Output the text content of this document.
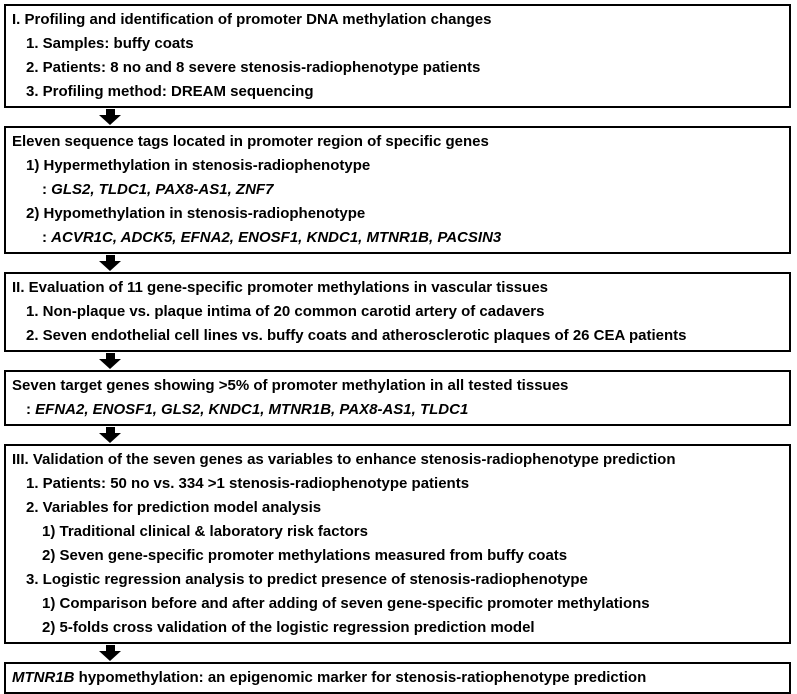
I. Profiling and identification of promoter DNA methylation changes
1. Samples: buffy coats
2. Patients: 8 no and 8 severe stenosis-radiophenotype patients
3. Profiling method: DREAM sequencing
Eleven sequence tags located in promoter region of specific genes
1) Hypermethylation in stenosis-radiophenotype
: GLS2, TLDC1, PAX8-AS1, ZNF7
2) Hypomethylation in stenosis-radiophenotype
: ACVR1C, ADCK5, EFNA2, ENOSF1, KNDC1, MTNR1B, PACSIN3
II. Evaluation of 11 gene-specific promoter methylations in vascular tissues
1. Non-plaque vs. plaque intima of 20 common carotid artery of cadavers
2. Seven endothelial cell lines vs. buffy coats and atherosclerotic plaques of 26 CEA patients
Seven target genes showing >5% of promoter methylation in all tested tissues
: EFNA2, ENOSF1, GLS2, KNDC1, MTNR1B, PAX8-AS1, TLDC1
III. Validation of the seven genes as variables to enhance stenosis-radiophenotype prediction
1. Patients: 50 no vs. 334 >1 stenosis-radiophenotype patients
2. Variables for prediction model analysis
1) Traditional clinical & laboratory risk factors
2) Seven gene-specific promoter methylations measured from buffy coats
3. Logistic regression analysis to predict presence of stenosis-radiophenotype
1) Comparison before and after adding of seven gene-specific promoter methylations
2) 5-folds cross validation of the logistic regression prediction model
MTNR1B hypomethylation: an epigenomic marker for stenosis-ratiophenotype prediction
